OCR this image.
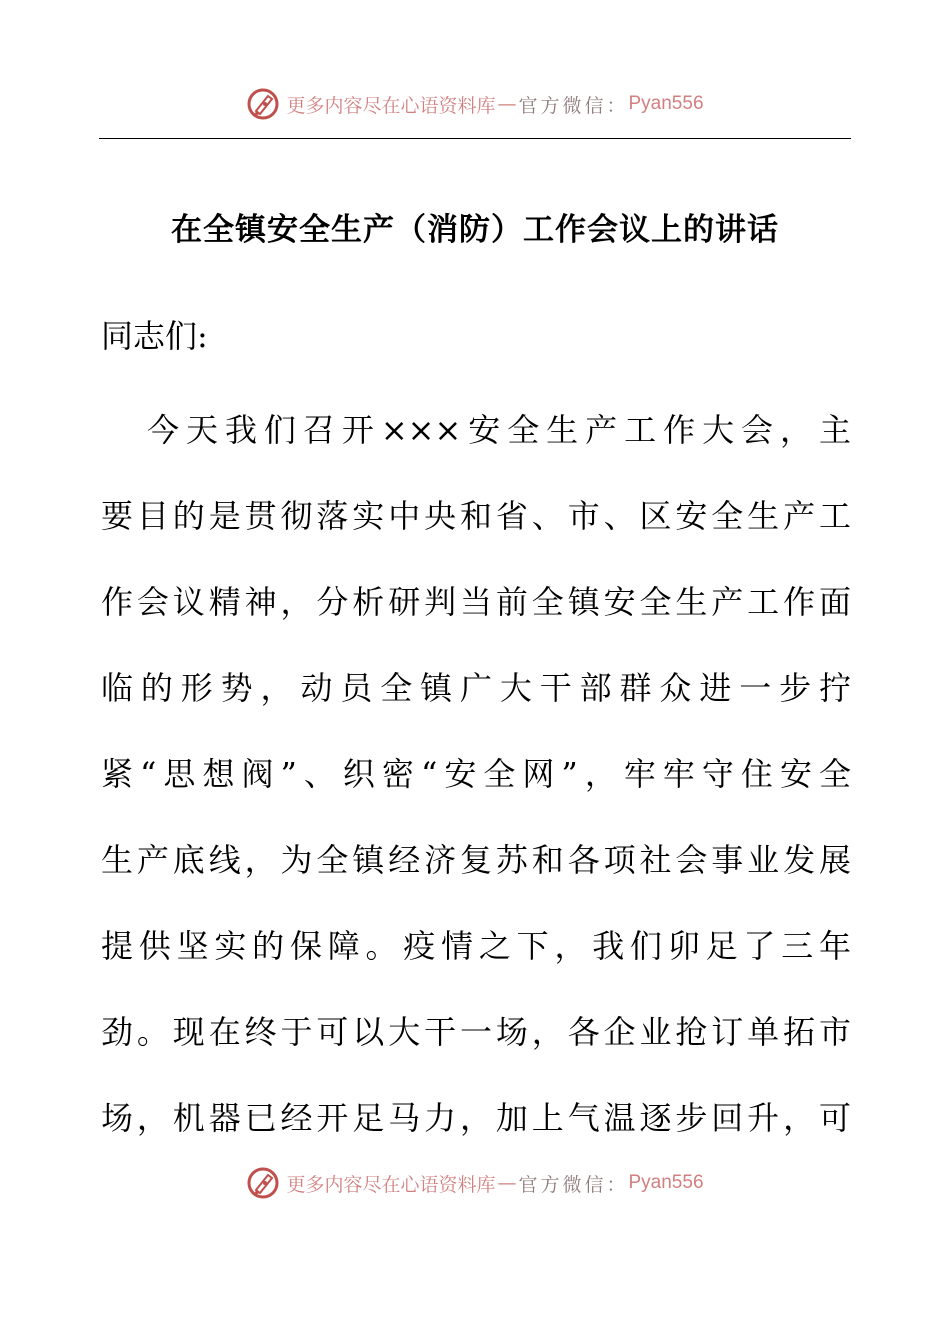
更多内容尽在心语资料库 — 官方微信： Pyan556
在全镇安全生产（消防）工作会议上的讲话
同志们:
今天我们召开×××安全生产工作大会，主
要目的是贯彻落实中央和省、市、区安全生产工
作会议精神，分析研判当前全镇安全生产工作面
临的形势，动员全镇广大干部群众进一步拧
紧“思想阀”、织密“安全网”，牢牢守住安全
生产底线，为全镇经济复苏和各项社会事业发展
提供坚实的保障。疫情之下，我们卯足了三年
劲。现在终于可以大干一场，各企业抢订单拓市
场，机器已经开足马力，加上气温逐步回升，可
更多内容尽在心语资料库 — 官方微信： Pyan556
